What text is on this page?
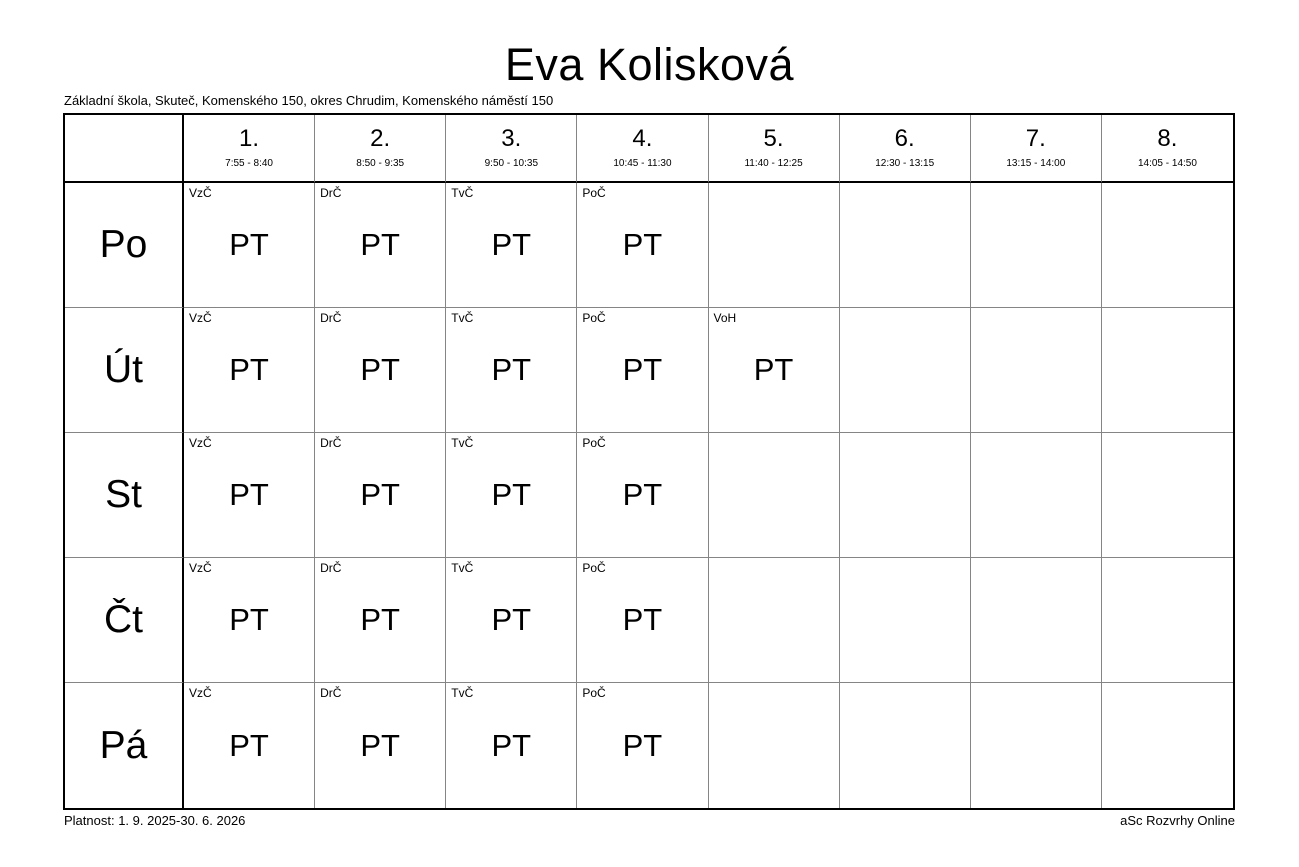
Eva Kolisková
Základní škola, Skuteč, Komenského 150, okres Chrudim, Komenského náměstí 150
1.
7:55 - 8:40
2.
8:50 - 9:35
3.
9:50 - 10:35
4.
10:45 - 11:30
5.
11:40 - 12:25
6.
12:30 - 13:15
7.
13:15 - 14:00
8.
14:05 - 14:50
Po
VzČ
PT
DrČ
PT
TvČ
PT
PoČ
PT
Út
VzČ
PT
DrČ
PT
TvČ
PT
PoČ
PT
VoH
PT
St
VzČ
PT
DrČ
PT
TvČ
PT
PoČ
PT
Čt
VzČ
PT
DrČ
PT
TvČ
PT
PoČ
PT
Pá
VzČ
PT
DrČ
PT
TvČ
PT
PoČ
PT
Platnost: 1. 9. 2025-30. 6. 2026	aSc Rozvrhy Online
